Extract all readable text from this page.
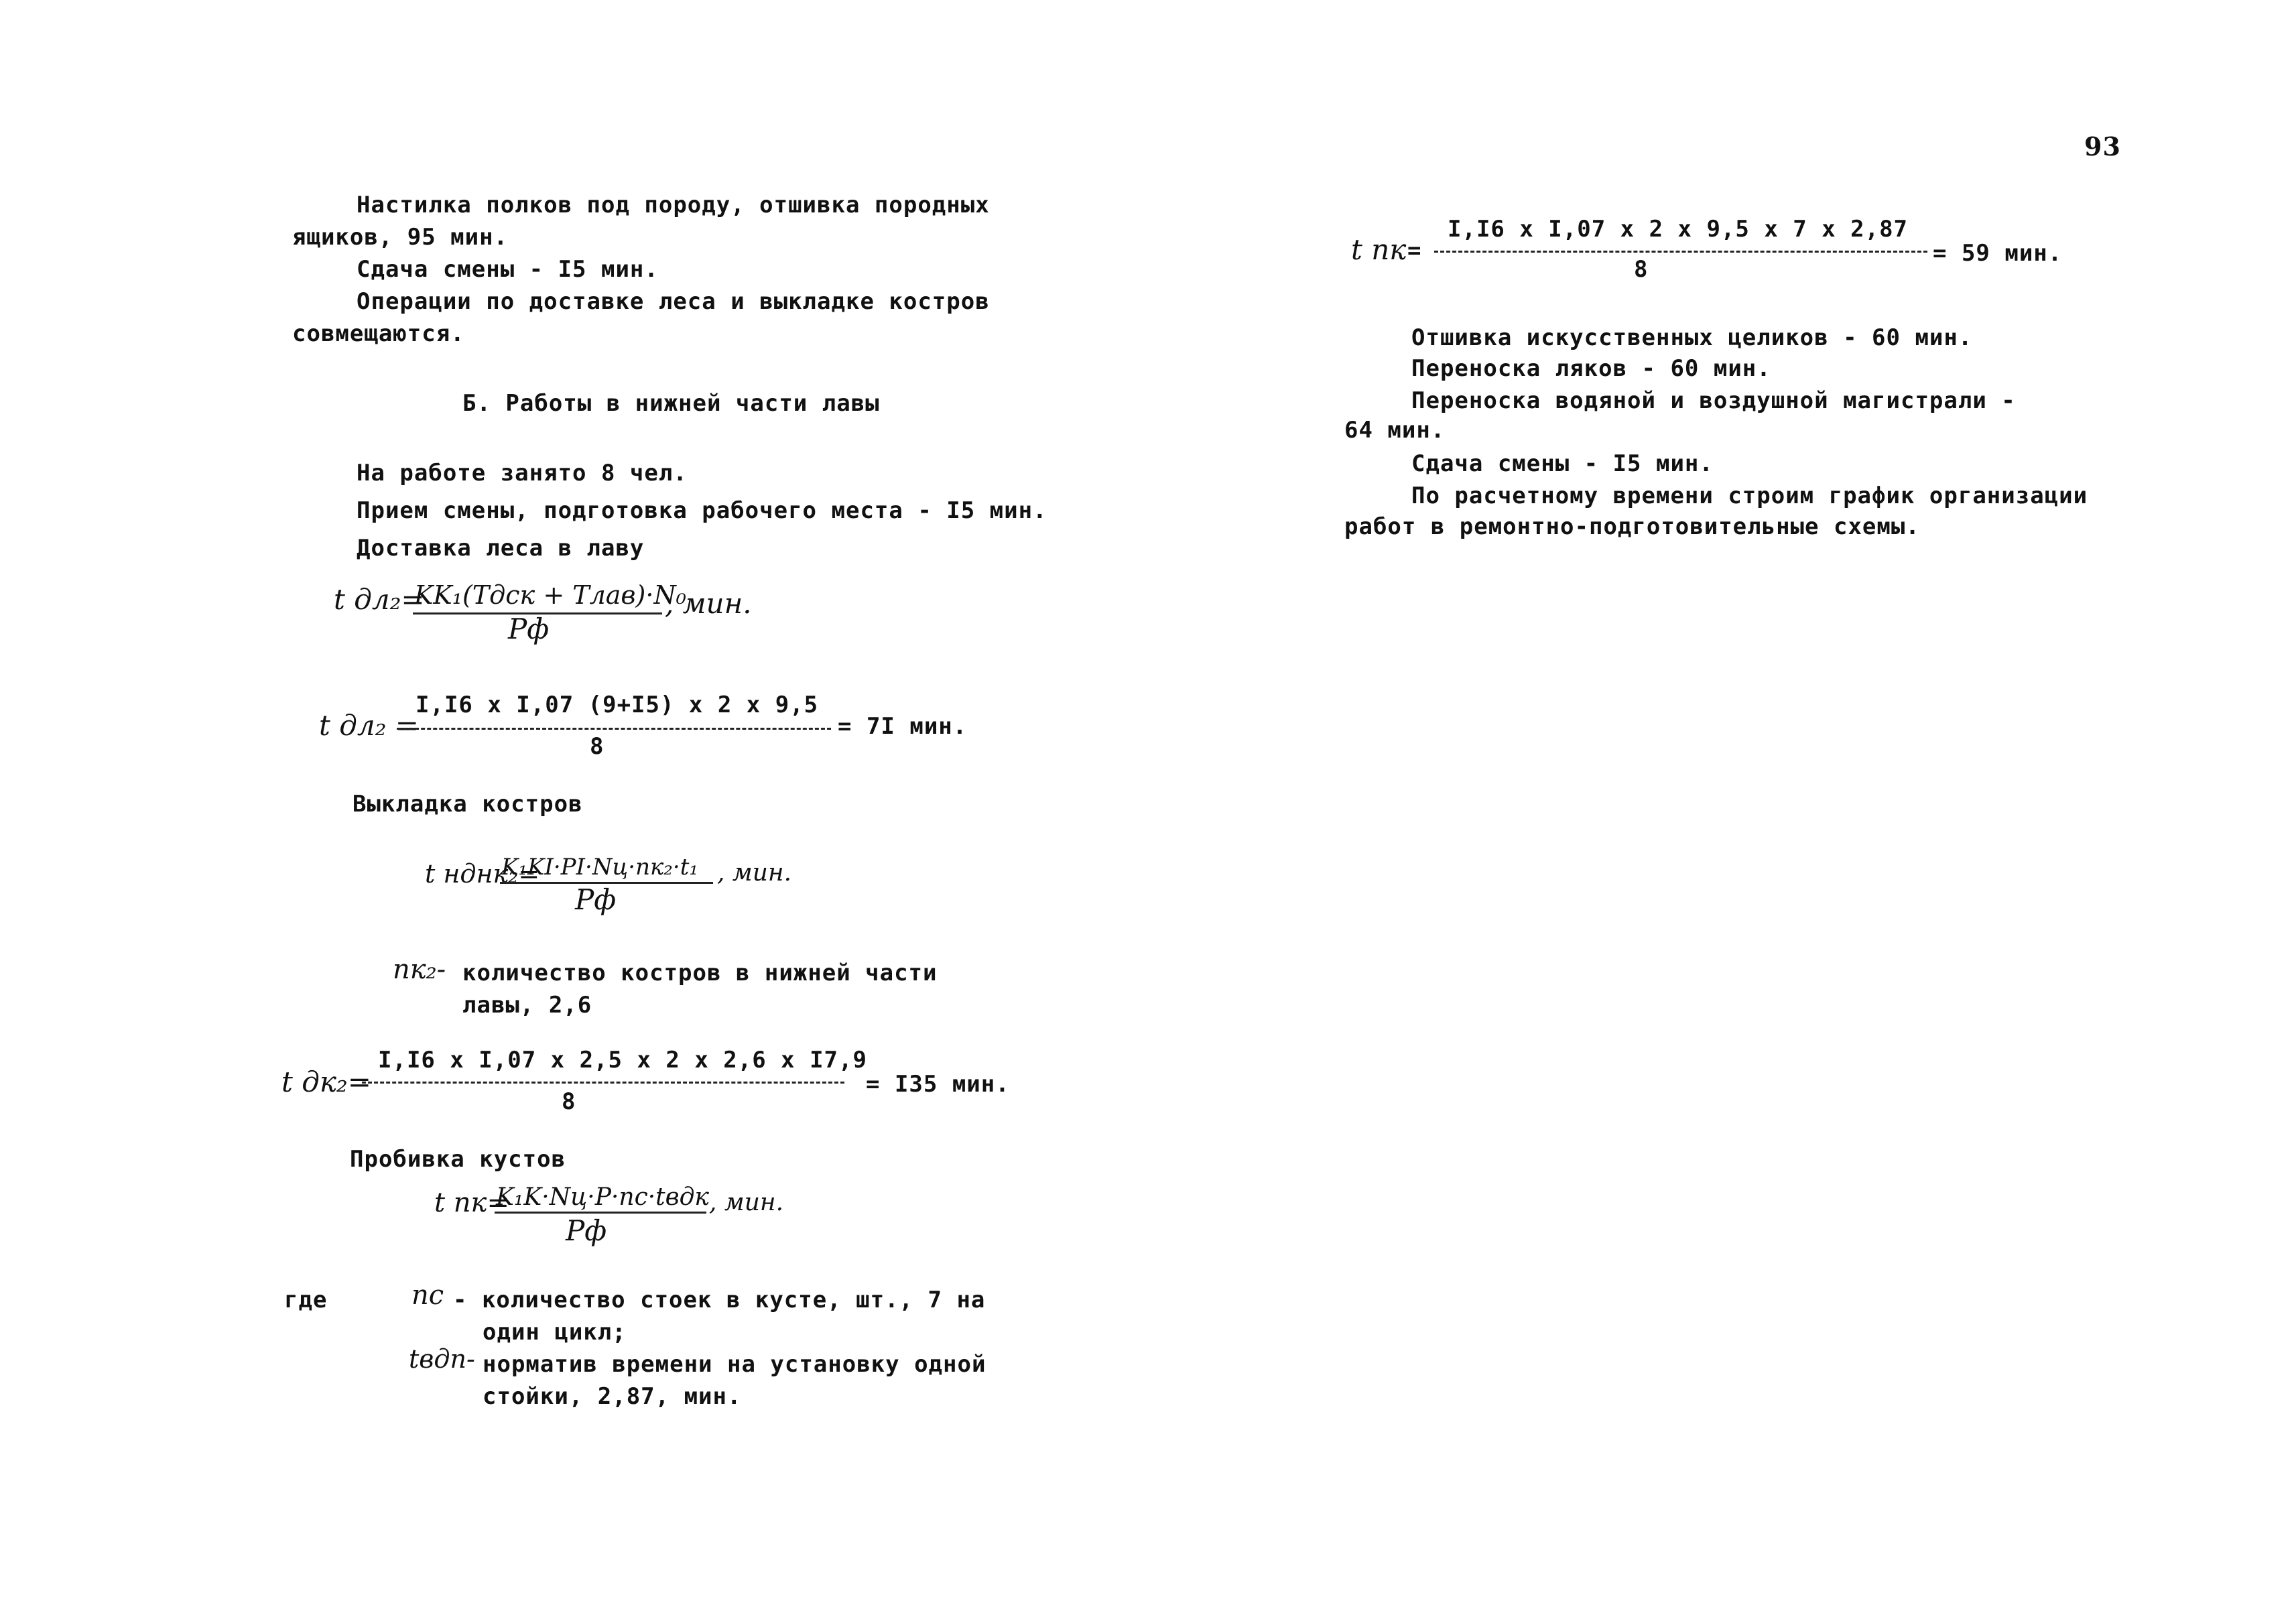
93
Настилка полков под породу, отшивка породных
ящиков, 95 мин.
Сдача смены - I5 мин.
Операции по доставке леса и выкладке костров
совмещаются.
Б. Работы в нижней части лавы
На работе занято 8 чел.
Прием смены, подготовка рабочего места - I5 мин.
Доставка леса в лаву
t дл₂=
KK₁(Tдск + Tлав)·N₀
Pф
, мин.
t дл₂ =
I,I6 x I,07 (9+I5) x 2 x 9,5
8
= 7I мин.
Выкладка костров
t нднк₂=
K₁KI·PI·Nц·nк₂·t₁
Pф
, мин.
nк₂- количество костров в нижней части
лавы, 2,6
t дк₂=
I,I6 x I,07 x 2,5 x 2 x 2,6 x I7,9
8
= I35 мин.
Пробивка кустов
t пк=
K₁K·Nц·P·nс·tвдк
Pф
, мин.
где	nс - количество стоек в кусте, шт., 7 на
один цикл;
tвдп- норматив времени на установку одной
стойки, 2,87, мин.
t пк =
I,I6 x I,07 x 2 x 9,5 x 7 x 2,87
8
= 59 мин.
Отшивка искусственных целиков - 60 мин.
Переноска ляков - 60 мин.
Переноска водяной и воздушной магистрали -
64 мин.
Сдача смены - I5 мин.
По расчетному времени строим график организации
работ в ремонтно-подготовительные схемы.
